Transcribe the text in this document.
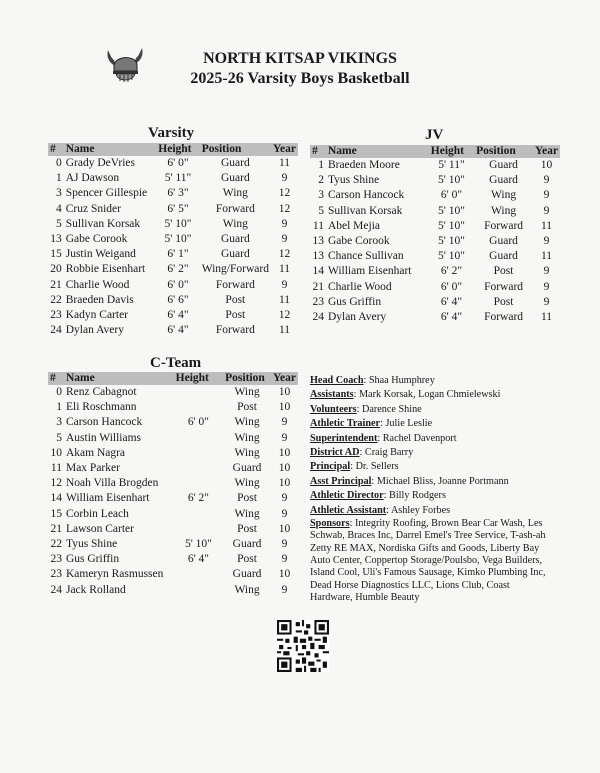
NORTH KITSAP VIKINGS
2025-26 Varsity Boys Basketball
Varsity	JV
C-Team
#	Name	Height	Position	Year
0	Grady DeVries	6' 0"	Guard	11
1	AJ Dawson	5' 11"	Guard	9
3	Spencer Gillespie	6' 3"	Wing	12
4	Cruz Snider	6' 5"	Forward	12
5	Sullivan Korsak	5' 10"	Wing	9
13	Gabe Corook	5' 10"	Guard	9
15	Justin Weigand	6' 1"	Guard	12
20	Robbie Eisenhart	6' 2"	Wing/Forward	11
21	Charlie Wood	6' 0"	Forward	9
22	Braeden Davis	6' 6"	Post	11
23	Kadyn Carter	6' 4"	Post	12
24	Dylan Avery	6' 4"	Forward	11
#	Name	Height	Position	Year
1	Braeden Moore	5' 11"	Guard	10
2	Tyus Shine	5' 10"	Guard	9
3	Carson Hancock	6' 0"	Wing	9
5	Sullivan Korsak	5' 10"	Wing	9
11	Abel Mejia	5' 10"	Forward	11
13	Gabe Corook	5' 10"	Guard	9
13	Chance Sullivan	5' 10"	Guard	11
14	William Eisenhart	6' 2"	Post	9
21	Charlie Wood	6' 0"	Forward	9
23	Gus Griffin	6' 4"	Post	9
24	Dylan Avery	6' 4"	Forward	11
#	Name	Height	Position	Year
0	Renz Cabagnot		Wing	10
1	Eli Roschmann		Post	10
3	Carson Hancock	6' 0"	Wing	9
5	Austin Williams		Wing	9
10	Akam Nagra		Wing	10
11	Max Parker		Guard	10
12	Noah Villa Brogden		Wing	10
14	William Eisenhart	6' 2"	Post	9
15	Corbin Leach		Wing	9
21	Lawson Carter		Post	10
22	Tyus Shine	5' 10"	Guard	9
23	Gus Griffin	6' 4"	Post	9
23	Kameryn Rasmussen		Guard	10
24	Jack Rolland		Wing	9

Head Coach: Shaa Humphrey

Assistants: Mark Korsak, Logan Chmielewski

Volunteers: Darence Shine

Athletic Trainer: Julie Leslie

Superintendent: Rachel Davenport

District AD: Craig Barry

Principal: Dr. Sellers

Asst Principal: Michael Bliss, Joanne Portmann

Athletic Director: Billy Rodgers

Athletic Assistant: Ashley Forbes

Sponsors: Integrity Roofing, Brown Bear Car Wash, Les Schwab, Braces Inc, Darrel Emel's Tree Service, T-ash-ah Zetty RE MAX, Nordiska Gifts and Goods, Liberty Bay Auto Center, Coppertop Storage/Poulsbo, Vega Builders, Island Cool, Uli's Famous Sausage, Kimko Plumbing Inc, Dead Horse Diagnostics LLC, Lions Club, Coast Hardware, Humble Beauty
